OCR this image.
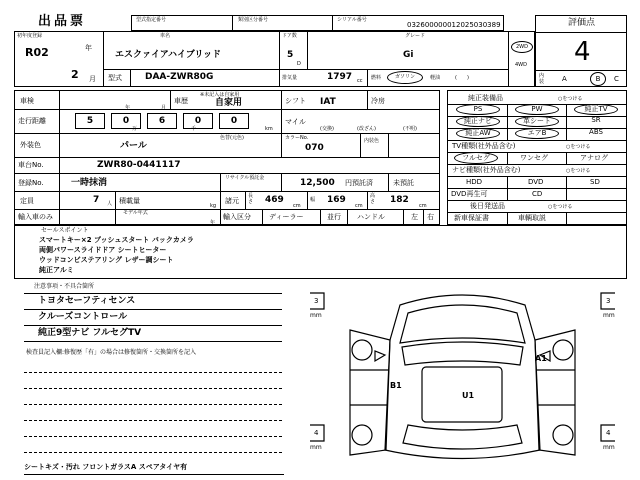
出品票	型式指定番号	類別区分番号	シリアル番号
032600000012025030389	評価点
4
内装	A	B	C
初年度登録
R02	年
2 月
車名
エスクァイアハイブリッド
型式	DAA-ZWR80G
ドア数
5
D
グレード
Gi
2WD
4WD
排気量	1797 cc 燃料	ガソリン	軽油	(　　)
車検
年	月
車歴
※未記入は自家用
自家用	シフト IAT	冷房
走行距離	5	0	6	0	0
万	千	km
マイル
(交換)	(改ざん)	(不明)
外装色	パール
色替(元色)	カラーNo.
070
内装色
車台No.	ZWR80-0441117
登録No.	一時抹消	リサイクル預託金	12,500 円預託済	未預託
定員	7 人 積載量
kg
諸元
長さ	469
cm
幅 169
cm
高さ	182
cm
輸入車のみ	モデル年式
年
輸入区分	ディーラー	並行 ハンドル	左 右
純正装備品	○をつける
PS	PW	純正TV
純正ナビ	革シート	SR
純正AW	エアB	ABS
TV種類(社外品含む)	○をつける
フルセグ	ワンセグ	アナログ
ナビ種類(社外品含む)	○をつける
HDD	DVD	SD
DVD再生可	CD
後日発送品	○をつける
新車保証書	車輌取説
セールスポイント
スマートキー×2 プッシュスタート バックカメラ
両側パワースライドドア シートヒーター
ウッドコンビステアリング レザー調シート
純正アルミ
注意事項・不具合箇所
トヨタセーフティセンス
クルーズコントロール
純正9型ナビ フルセグTV
検査員記入欄:修復歴「有」の場合は修復箇所・交換箇所を記入
シートキズ・汚れ フロントガラスA スペアタイヤ有
3
mm
3
mm
4
mm
4
mm
A1
B1
U1
